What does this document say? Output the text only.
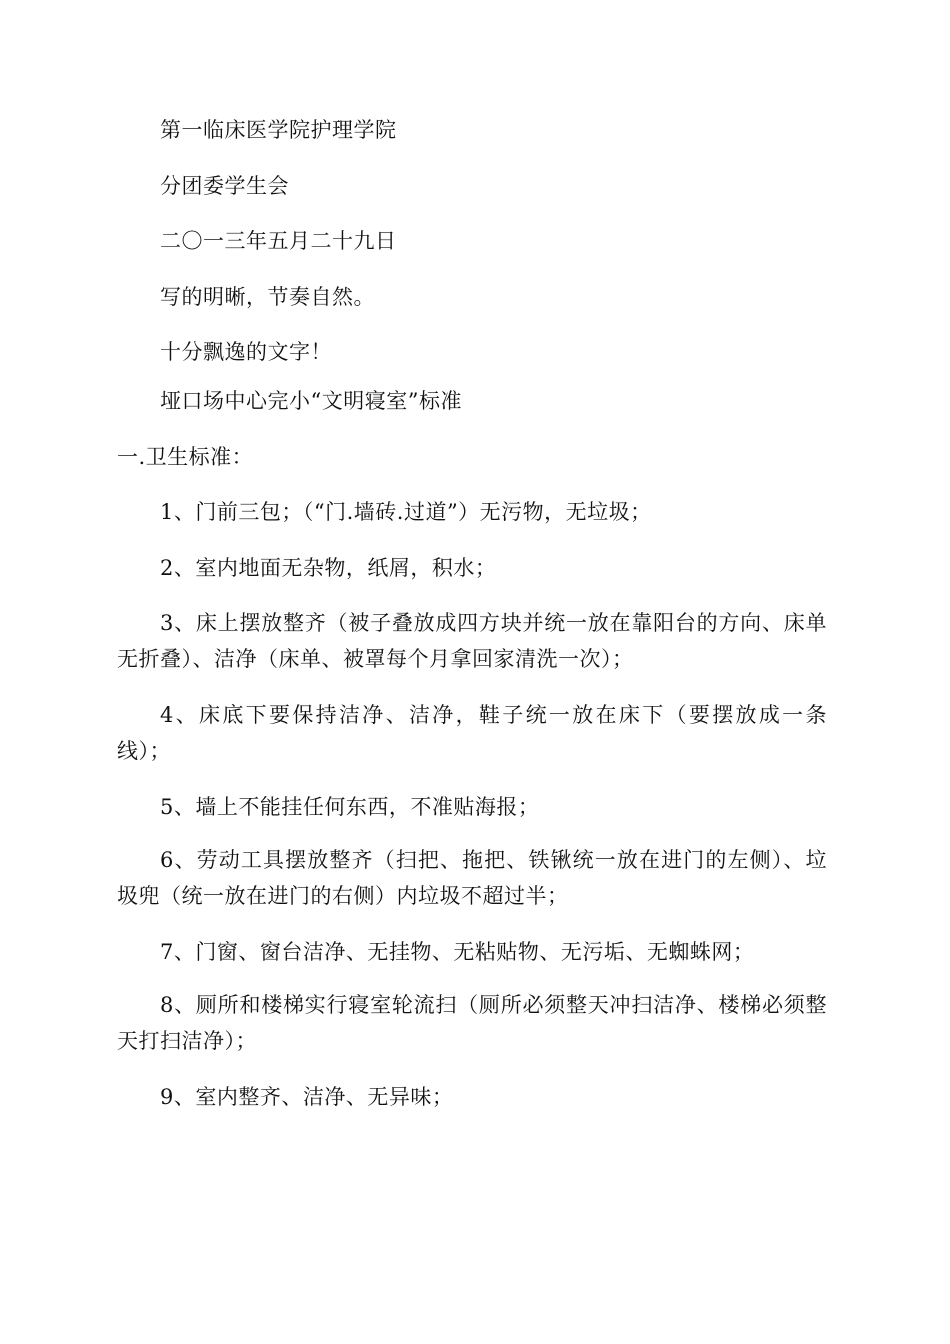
第一临床医学院护理学院
分团委学生会
二〇一三年五月二十九日
写的明晰，节奏自然。
十分飘逸的文字！
垭口场中心完小“文明寝室”标准
一.卫生标准：
1、门前三包；（“门.墙砖.过道”）无污物，无垃圾；
2、室内地面无杂物，纸屑，积水；
3、床上摆放整齐（被子叠放成四方块并统一放在靠阳台的方向、床单无折叠）、洁净（床单、被罩每个月拿回家清洗一次）；
4、床底下要保持洁净、洁净，鞋子统一放在床下（要摆放成一条线）；
5、墙上不能挂任何东西，不准贴海报；
6、劳动工具摆放整齐（扫把、拖把、铁锹统一放在进门的左侧）、垃圾兜（统一放在进门的右侧）内垃圾不超过半；
7、门窗、窗台洁净、无挂物、无粘贴物、无污垢、无蜘蛛网；
8、厕所和楼梯实行寝室轮流扫（厕所必须整天冲扫洁净、楼梯必须整天打扫洁净）；
9、室内整齐、洁净、无异味；
